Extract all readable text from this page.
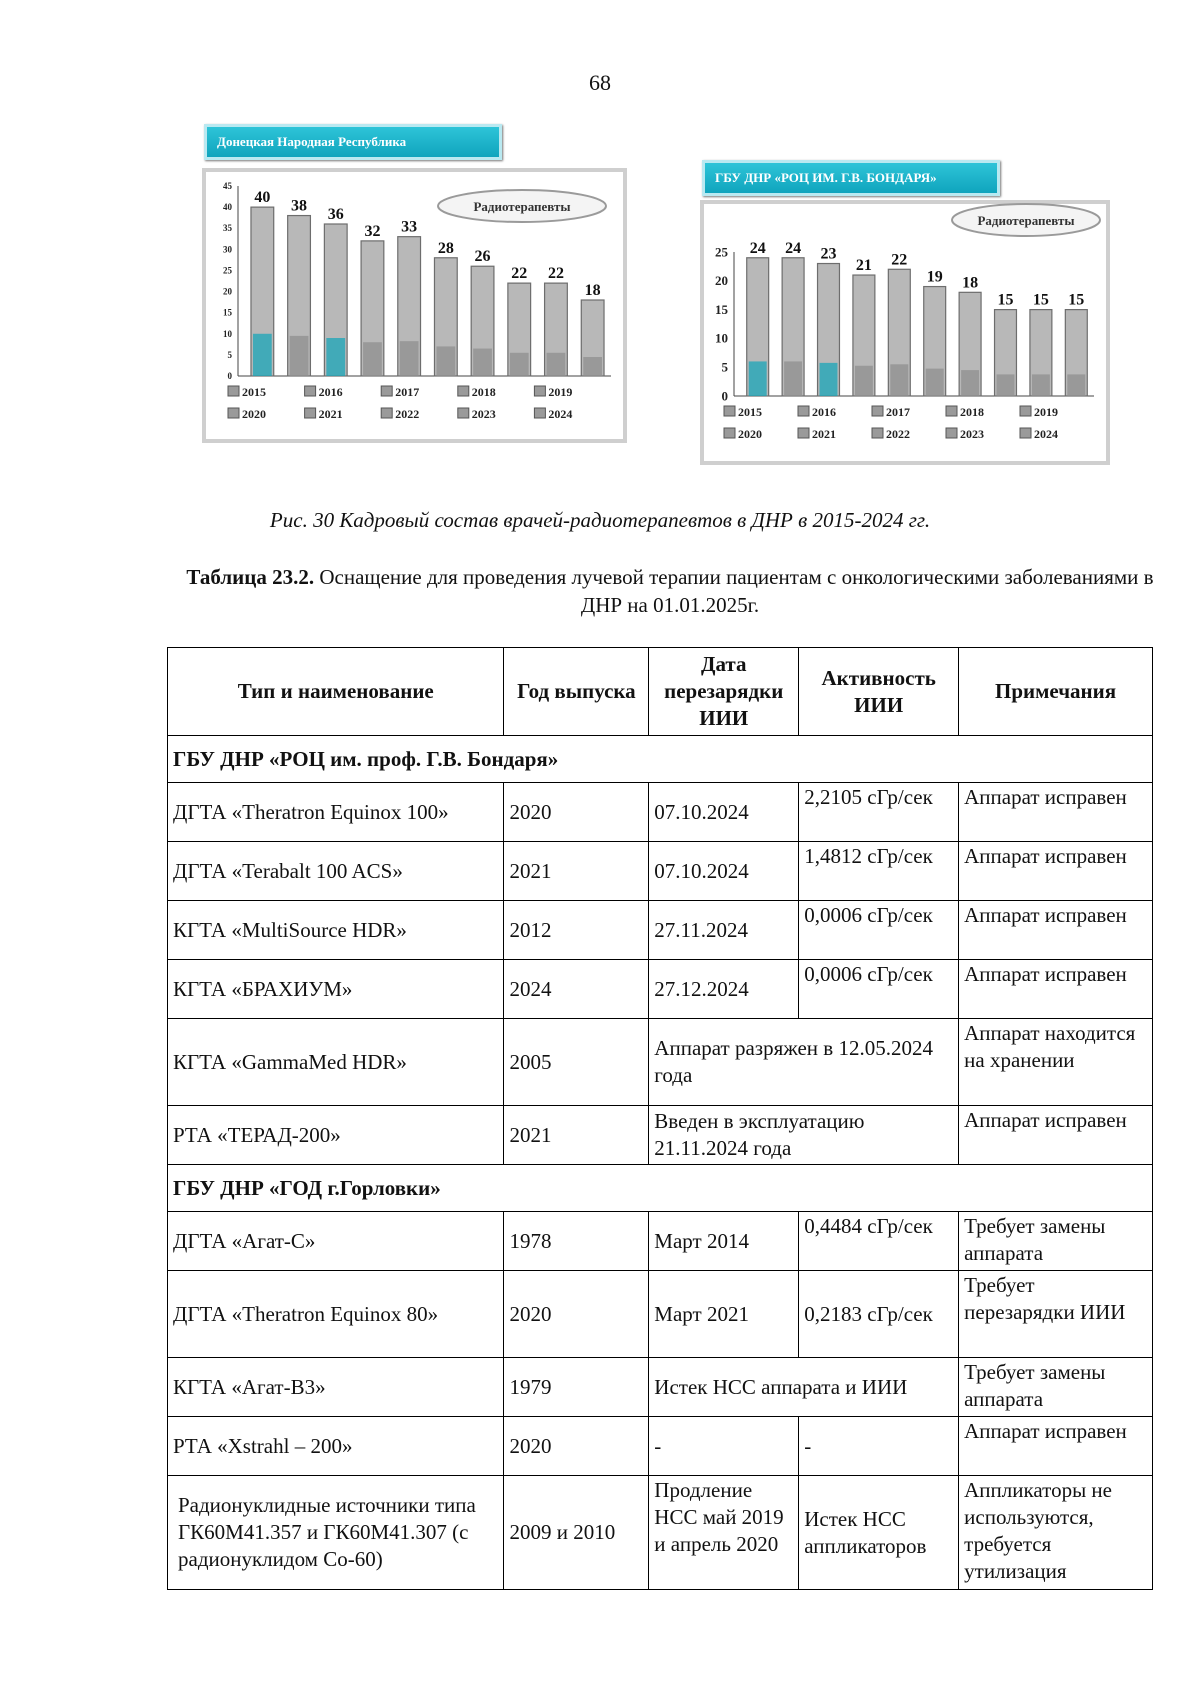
68
0
5
10
15
20
25
30
35
40
45
Радиотерапевты
40 38 36
32 33
28 26
22 22
18
2015	2016	2017	2018	2019
2020	2021	2022	2023	2024
Донецкая Народная Республика
0
5
10
15
20
25
Радиотерапевты
24 24 23
21 22
19 18
15 15 15
2015	2016	2017	2018	2019
2020	2021	2022	2023	2024
ГБУ ДНР «РОЦ ИМ. Г.В. БОНДАРЯ»
Рис. 30 Кадровый состав врачей-радиотерапевтов в ДНР в 2015-2024 гг.
Таблица 23.2. Оснащение для проведения лучевой терапии пациентам с онкологическими заболеваниями в ДНР на 01.01.2025г.
Тип и наименование	Год выпуска	Дата перезарядки ИИИ	Активность ИИИ	Примечания
ГБУ ДНР «РОЦ им. проф. Г.В. Бондаря»				
ДГТА «Theratron Equinox 100»	2020	07.10.2024	2,2105 сГр/сек	Аппарат исправен
ДГТА «Terabalt 100 ACS»	2021	07.10.2024	1,4812 сГр/сек	Аппарат исправен
КГТА «MultiSource HDR»	2012	27.11.2024	0,0006 сГр/сек	Аппарат исправен
КГТА «БРАХИУМ»	2024	27.12.2024	0,0006 сГр/сек	Аппарат исправен
КГТА «GammaMed HDR»	2005	Аппарат разряжен в 12.05.2024 года		Аппарат находится на хранении
РТА «ТЕРАД-200»	2021	Введен в эксплуатацию 21.11.2024 года		Аппарат исправен
ГБУ ДНР «ГОД г.Горловки»				
ДГТА «Агат-С»	1978	Март 2014	0,4484 сГр/сек	Требует замены аппарата
ДГТА «Theratron Equinox 80»	2020	Март 2021	0,2183 сГр/сек	Требует перезарядки ИИИ
КГТА «Агат-В3»	1979	Истек НСС аппарата и ИИИ		Требует замены аппарата
РТА «Xstrahl – 200»	2020	-	-	Аппарат исправен
Радионуклидные источники типа ГК60М41.357 и ГК60М41.307 (с радионуклидом Со-60)	2009 и 2010	Продление НСС май 2019 и апрель 2020	Истек НСС аппликаторов	Аппликаторы не используются, требуется утилизация
